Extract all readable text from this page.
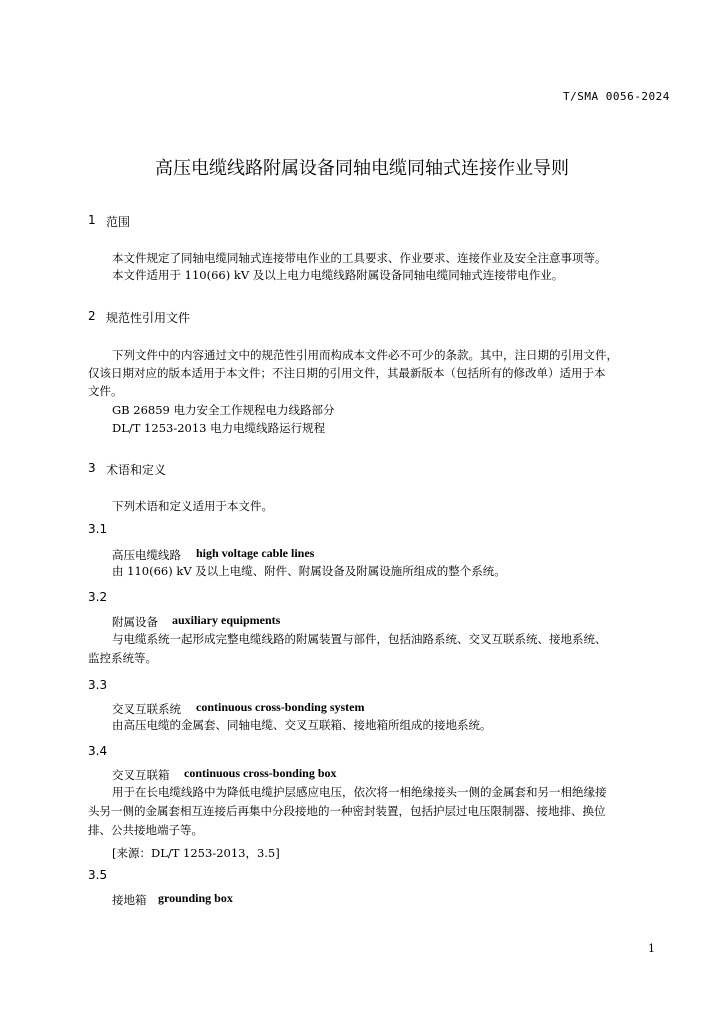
T/SMA 0056-2024
高压电缆线路附属设备同轴电缆同轴式连接作业导则
1 范围
本文件规定了同轴电缆同轴式连接带电作业的工具要求、作业要求、连接作业及安全注意事项等。
本文件适用于 110(66) kV 及以上电力电缆线路附属设备同轴电缆同轴式连接带电作业。
2 规范性引用文件
下列文件中的内容通过文中的规范性引用而构成本文件必不可少的条款。其中，注日期的引用文件，
仅该日期对应的版本适用于本文件；不注日期的引用文件，其最新版本（包括所有的修改单）适用于本
文件。
GB 26859 电力安全工作规程电力线路部分
DL/T 1253-2013 电力电缆线路运行规程
3 术语和定义
下列术语和定义适用于本文件。
3.1
高压电缆线路 high voltage cable lines
由 110(66) kV 及以上电缆、附件、附属设备及附属设施所组成的整个系统。
3.2
附属设备 auxiliary equipments
与电缆系统一起形成完整电缆线路的附属装置与部件，包括油路系统、交叉互联系统、接地系统、
监控系统等。
3.3
交叉互联系统 continuous cross-bonding system
由高压电缆的金属套、同轴电缆、交叉互联箱、接地箱所组成的接地系统。
3.4
交叉互联箱 continuous cross-bonding box
用于在长电缆线路中为降低电缆护层感应电压，依次将一相绝缘接头一侧的金属套和另一相绝缘接
头另一侧的金属套相互连接后再集中分段接地的一种密封装置，包括护层过电压限制器、接地排、换位
排、公共接地端子等。
[来源：DL/T 1253-2013，3.5]
3.5
接地箱 grounding box
1
